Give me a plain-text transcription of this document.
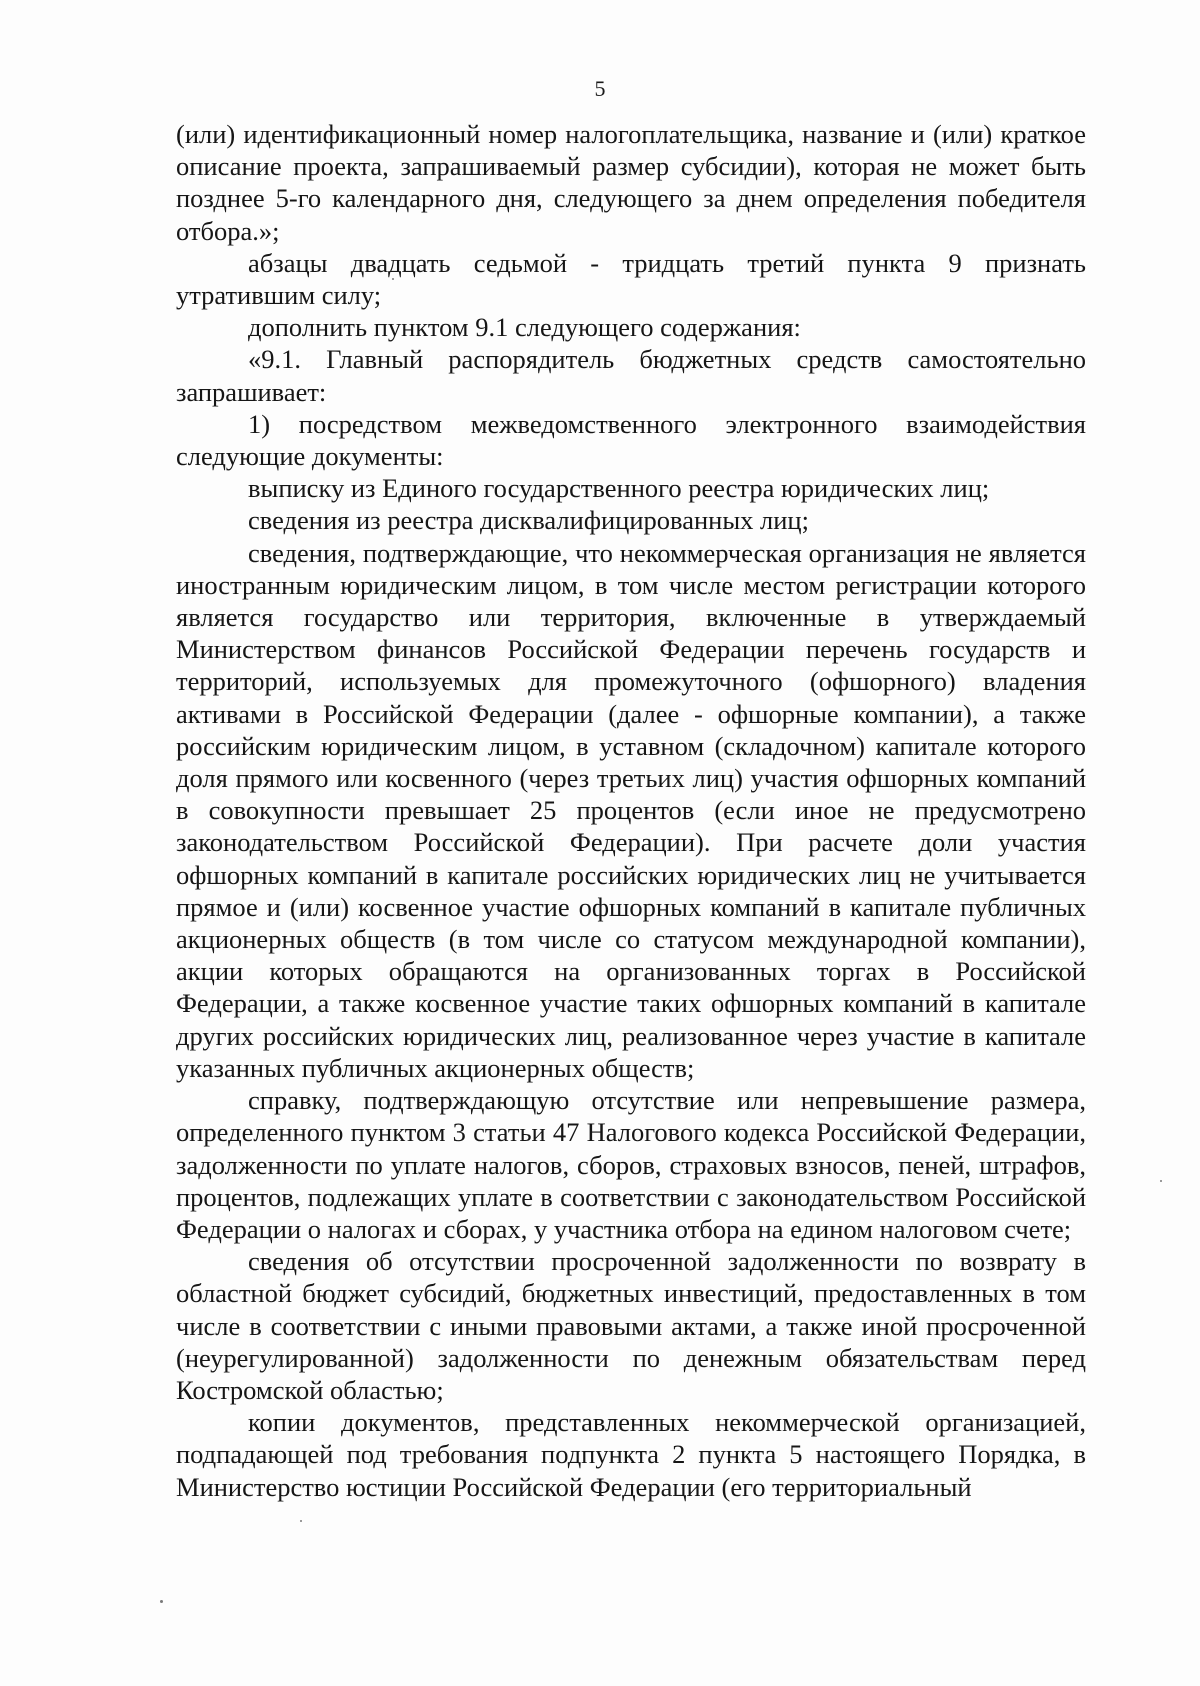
5

(или) идентификационный номер налогоплательщика, название и (или) краткое описание проекта, запрашиваемый размер субсидии), которая не может быть позднее 5-го календарного дня, следующего за днем определения победителя отбора.»;

абзацы двадцать седьмой - тридцать третий пункта 9 признать утратившим силу;

дополнить пунктом 9.1 следующего содержания:

«9.1. Главный распорядитель бюджетных средств самостоятельно запрашивает:

1) посредством межведомственного электронного взаимодействия следующие документы:

выписку из Единого государственного реестра юридических лиц;

сведения из реестра дисквалифицированных лиц;

сведения, подтверждающие, что некоммерческая организация не является иностранным юридическим лицом, в том числе местом регистрации которого является государство или территория, включенные в утверждаемый Министерством финансов Российской Федерации перечень государств и территорий, используемых для промежуточного (офшорного) владения активами в Российской Федерации (далее - офшорные компании), а также российским юридическим лицом, в уставном (складочном) капитале которого доля прямого или косвенного (через третьих лиц) участия офшорных компаний в совокупности превышает 25 процентов (если иное не предусмотрено законодательством Российской Федерации). При расчете доли участия офшорных компаний в капитале российских юридических лиц не учитывается прямое и (или) косвенное участие офшорных компаний в капитале публичных акционерных обществ (в том числе со статусом международной компании), акции которых обращаются на организованных торгах в Российской Федерации, а также косвенное участие таких офшорных компаний в капитале других российских юридических лиц, реализованное через участие в капитале указанных публичных акционерных обществ;

справку, подтверждающую отсутствие или непревышение размера, определенного пунктом 3 статьи 47 Налогового кодекса Российской Федерации, задолженности по уплате налогов, сборов, страховых взносов, пеней, штрафов, процентов, подлежащих уплате в соответствии с законодательством Российской Федерации о налогах и сборах, у участника отбора на едином налоговом счете;

сведения об отсутствии просроченной задолженности по возврату в областной бюджет субсидий, бюджетных инвестиций, предоставленных в том числе в соответствии с иными правовыми актами, а также иной просроченной (неурегулированной) задолженности по денежным обязательствам перед Костромской областью;

копии документов, представленных некоммерческой организацией, подпадающей под требования подпункта 2 пункта 5 настоящего Порядка, в Министерство юстиции Российской Федерации (его территориальный
